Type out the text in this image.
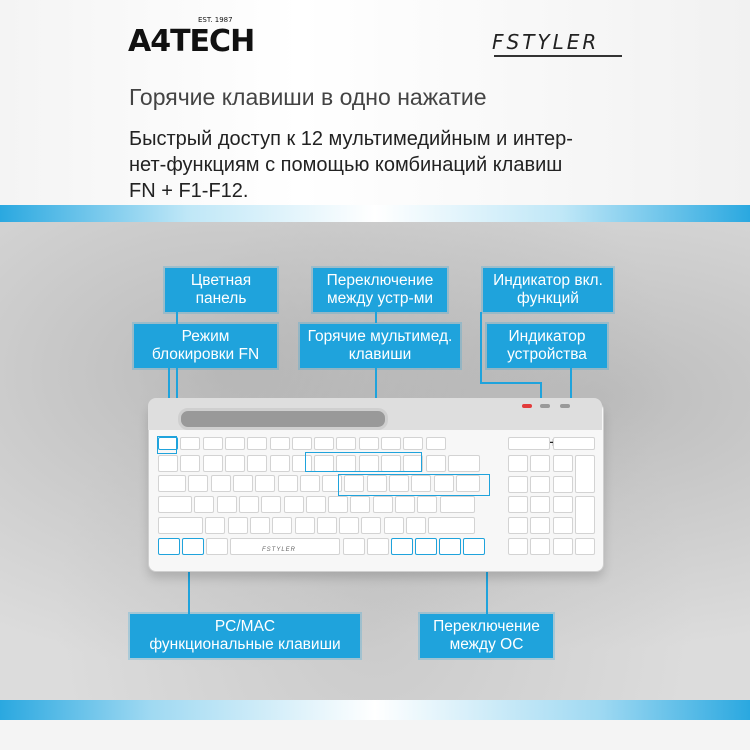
A4TECH
EST. 1987
FSTYLER
Горячие клавиши в одно нажатие
Быстрый доступ к 12 мультимедийным и интер-
нет-функциям с помощью комбинаций клавиш
FN + F1-F12.
Цветная
панель
Режим
блокировки FN
Переключение
между устр-ми
Горячие мультимед.
клавиши
Индикатор вкл.
функций
Индикатор
устройства
PC/MAC
функциональные клавиши
Переключение
между ОС
FSTYLER
